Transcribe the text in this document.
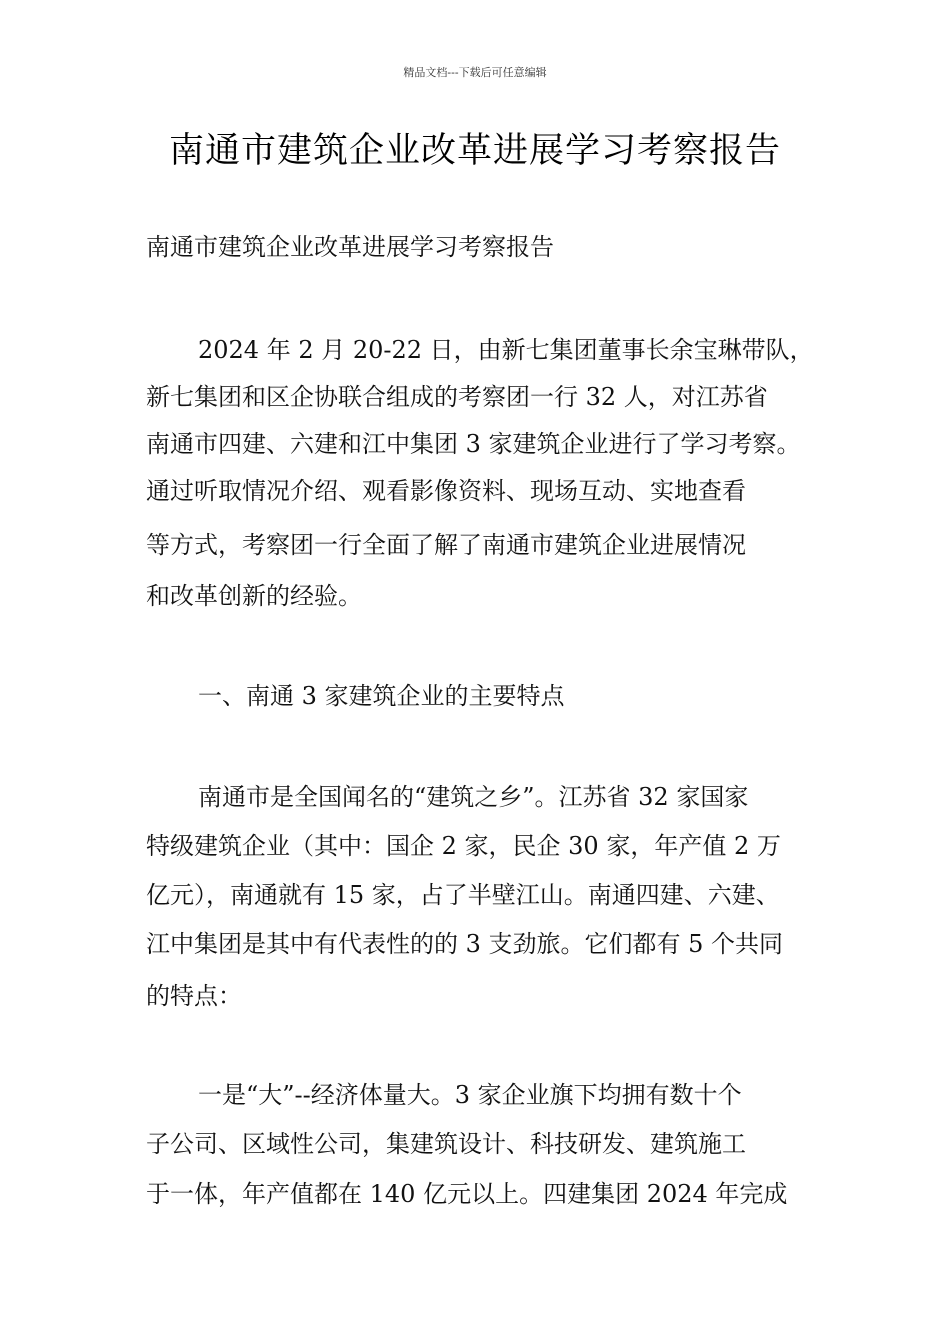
精品文档---下载后可任意编辑
南通市建筑企业改革进展学习考察报告
南通市建筑企业改革进展学习考察报告
2024 年 2 月 20-22 日，由新七集团董事长余宝琳带队，
新七集团和区企协联合组成的考察团一行 32 人，对江苏省
南通市四建、六建和江中集团 3 家建筑企业进行了学习考察。
通过听取情况介绍、观看影像资料、现场互动、实地查看
等方式，考察团一行全面了解了南通市建筑企业进展情况
和改革创新的经验。
一、南通 3 家建筑企业的主要特点
南通市是全国闻名的“建筑之乡”。江苏省 32 家国家
特级建筑企业（其中：国企 2 家，民企 30 家，年产值 2 万
亿元），南通就有 15 家，占了半壁江山。南通四建、六建、
江中集团是其中有代表性的的 3 支劲旅。它们都有 5 个共同
的特点：
一是“大”--经济体量大。3 家企业旗下均拥有数十个
子公司、区域性公司，集建筑设计、科技研发、建筑施工
于一体，年产值都在 140 亿元以上。四建集团 2024 年完成
